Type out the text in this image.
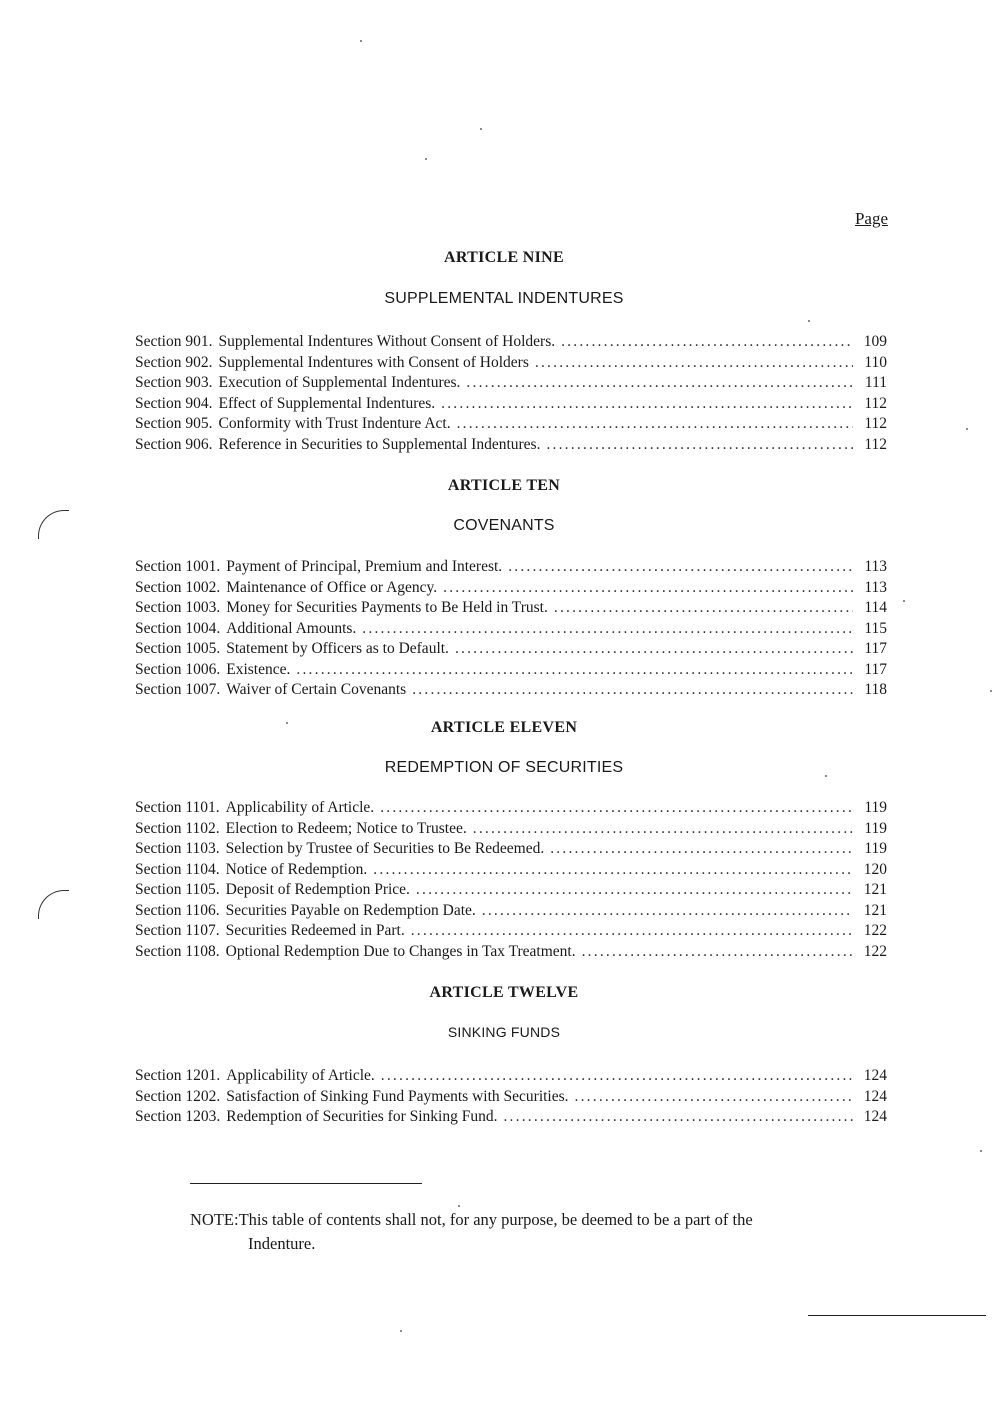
Page
ARTICLE NINE
SUPPLEMENTAL INDENTURES
Section 901. Supplemental Indentures Without Consent of Holders. .....	109
Section 902. Supplemental Indentures with Consent of Holders .....	110
Section 903. Execution of Supplemental Indentures. .....	111
Section 904. Effect of Supplemental Indentures. .....	112
Section 905. Conformity with Trust Indenture Act. .....	112
Section 906. Reference in Securities to Supplemental Indentures. .....	112
ARTICLE TEN
COVENANTS
Section 1001. Payment of Principal, Premium and Interest. .....	113
Section 1002. Maintenance of Office or Agency. .....	113
Section 1003. Money for Securities Payments to Be Held in Trust. .....	114
Section 1004. Additional Amounts. .....	115
Section 1005. Statement by Officers as to Default. .....	117
Section 1006. Existence. .....	117
Section 1007. Waiver of Certain Covenants .....	118
ARTICLE ELEVEN
REDEMPTION OF SECURITIES
Section 1101. Applicability of Article. .....	119
Section 1102. Election to Redeem; Notice to Trustee. .....	119
Section 1103. Selection by Trustee of Securities to Be Redeemed. .....	119
Section 1104. Notice of Redemption. .....	120
Section 1105. Deposit of Redemption Price. .....	121
Section 1106. Securities Payable on Redemption Date. .....	121
Section 1107. Securities Redeemed in Part. .....	122
Section 1108. Optional Redemption Due to Changes in Tax Treatment. .....	122
ARTICLE TWELVE
SINKING FUNDS
Section 1201. Applicability of Article. .....	124
Section 1202. Satisfaction of Sinking Fund Payments with Securities. .....	124
Section 1203. Redemption of Securities for Sinking Fund. .....	124
NOTE:This table of contents shall not, for any purpose, be deemed to be a part of the
Indenture.
